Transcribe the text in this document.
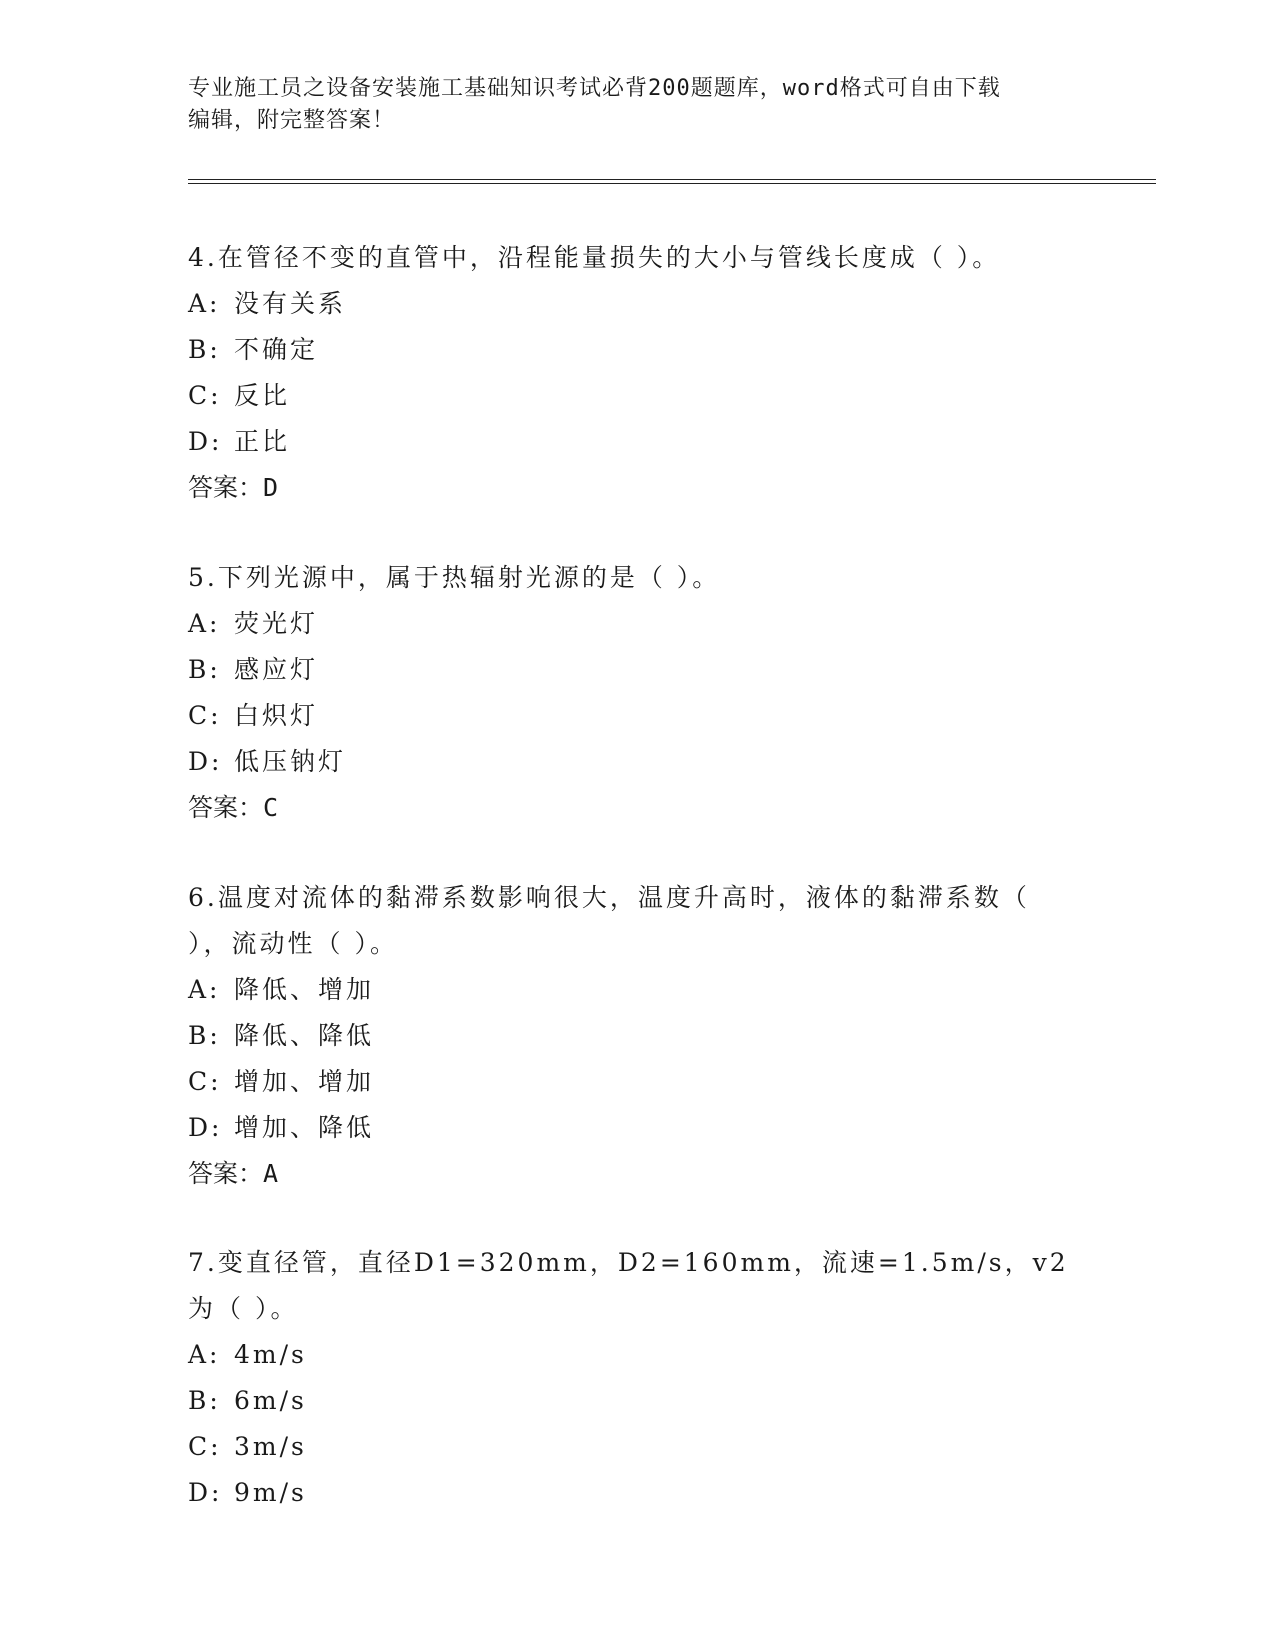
专业施工员之设备安装施工基础知识考试必背200题题库，word格式可自由下载
编辑，附完整答案！

4.在管径不变的直管中，沿程能量损失的大小与管线长度成（ ）。

A: 没有关系

B: 不确定

C: 反比

D: 正比

答案：D

5.下列光源中，属于热辐射光源的是（ ）。

A: 荧光灯

B: 感应灯

C: 白炽灯

D: 低压钠灯

答案：C

6.温度对流体的黏滞系数影响很大，温度升高时，液体的黏滞系数（

），流动性（ ）。

A: 降低、增加

B: 降低、降低

C: 增加、增加

D: 增加、降低

答案：A

7.变直径管，直径D1=320mm，D2=160mm，流速=1.5m/s，v2为（ ）。

A: 4m/s

B: 6m/s

C: 3m/s

D: 9m/s
